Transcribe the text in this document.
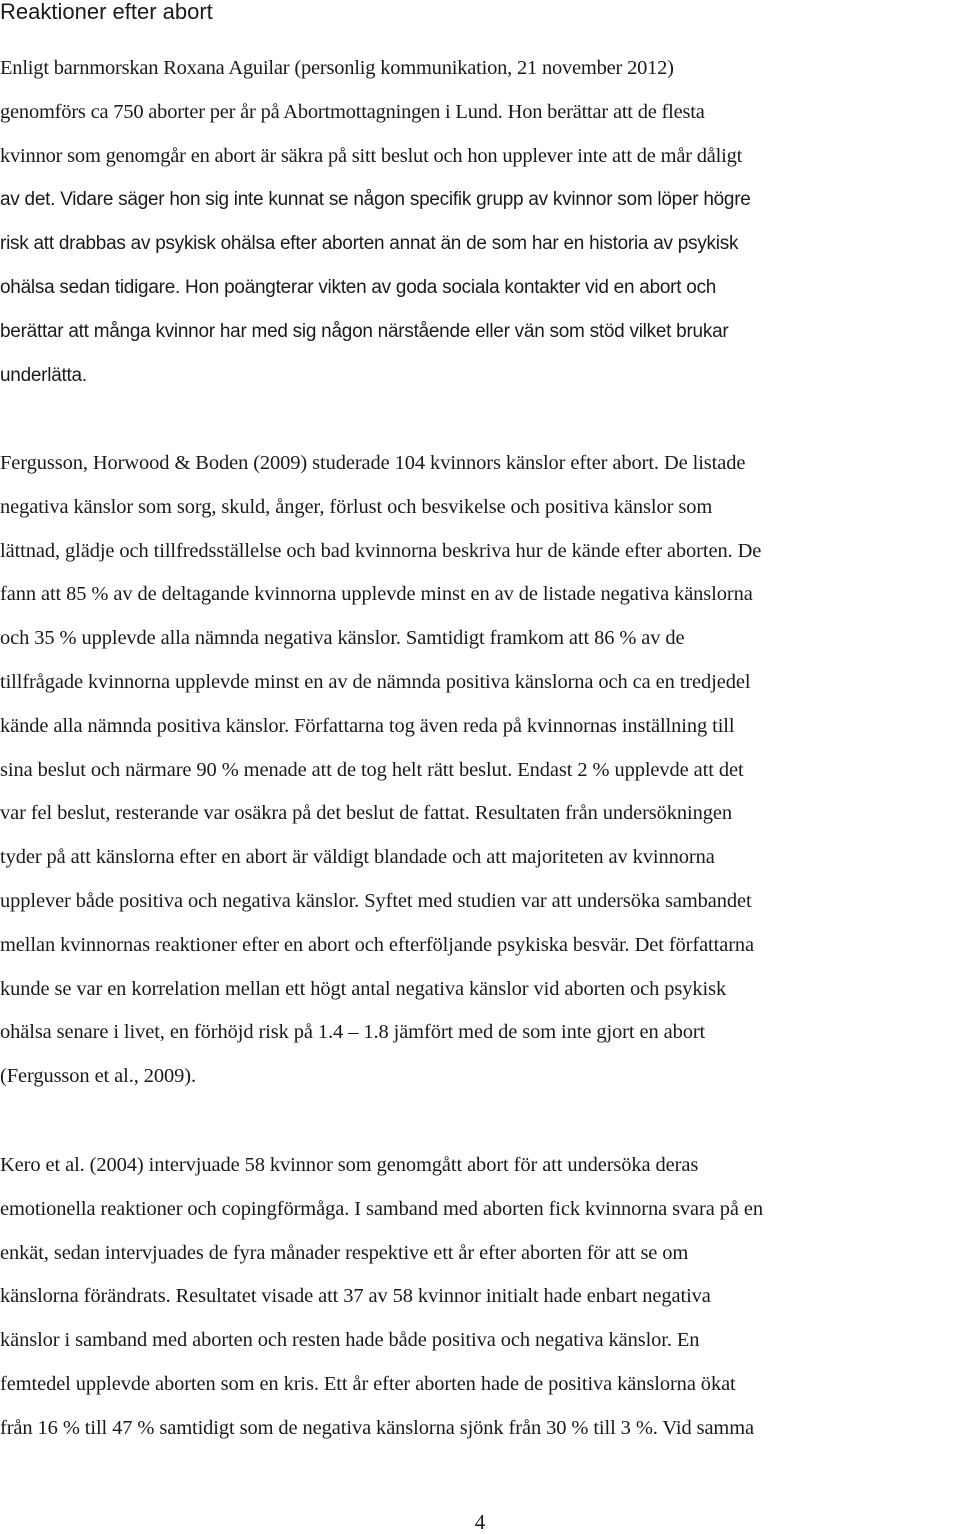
Reaktioner efter abort
Enligt barnmorskan Roxana Aguilar (personlig kommunikation, 21 november 2012) genomförs ca 750 aborter per år på Abortmottagningen i Lund. Hon berättar att de flesta kvinnor som genomgår en abort är säkra på sitt beslut och hon upplever inte att de mår dåligt av det. Vidare säger hon sig inte kunnat se någon specifik grupp av kvinnor som löper högre risk att drabbas av psykisk ohälsa efter aborten annat än de som har en historia av psykisk ohälsa sedan tidigare. Hon poängterar vikten av goda sociala kontakter vid en abort och berättar att många kvinnor har med sig någon närstående eller vän som stöd vilket brukar underlätta.
Fergusson, Horwood & Boden (2009) studerade 104 kvinnors känslor efter abort. De listade negativa känslor som sorg, skuld, ånger, förlust och besvikelse och positiva känslor som lättnad, glädje och tillfredsställelse och bad kvinnorna beskriva hur de kände efter aborten. De fann att 85 % av de deltagande kvinnorna upplevde minst en av de listade negativa känslorna och 35 % upplevde alla nämnda negativa känslor. Samtidigt framkom att 86 % av de tillfrågade kvinnorna upplevde minst en av de nämnda positiva känslorna och ca en tredjedel kände alla nämnda positiva känslor. Författarna tog även reda på kvinnornas inställning till sina beslut och närmare 90 % menade att de tog helt rätt beslut. Endast 2 % upplevde att det var fel beslut, resterande var osäkra på det beslut de fattat. Resultaten från undersökningen tyder på att känslorna efter en abort är väldigt blandade och att majoriteten av kvinnorna upplever både positiva och negativa känslor. Syftet med studien var att undersöka sambandet mellan kvinnornas reaktioner efter en abort och efterföljande psykiska besvär. Det författarna kunde se var en korrelation mellan ett högt antal negativa känslor vid aborten och psykisk ohälsa senare i livet, en förhöjd risk på 1.4 – 1.8 jämfört med de som inte gjort en abort (Fergusson et al., 2009).
Kero et al. (2004) intervjuade 58 kvinnor som genomgått abort för att undersöka deras emotionella reaktioner och copingförmåga. I samband med aborten fick kvinnorna svara på en enkät, sedan intervjuades de fyra månader respektive ett år efter aborten för att se om känslorna förändrats. Resultatet visade att 37 av 58 kvinnor initialt hade enbart negativa känslor i samband med aborten och resten hade både positiva och negativa känslor. En femtedel upplevde aborten som en kris. Ett år efter aborten hade de positiva känslorna ökat från 16 % till 47 % samtidigt som de negativa känslorna sjönk från 30 % till 3 %. Vid samma
4
